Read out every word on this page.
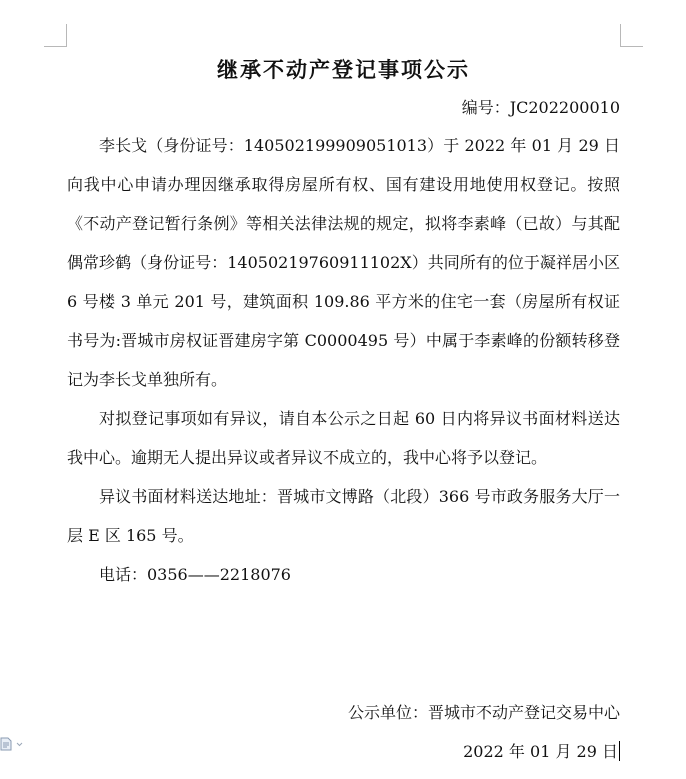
继承不动产登记事项公示
编号：JC202200010

李长戈（身份证号：140502199909051013）于 2022 年 01 月 29 日向我中心申请办理因继承取得房屋所有权、国有建设用地使用权登记。按照《不动产登记暂行条例》等相关法律法规的规定，拟将李素峰（已故）与其配偶常珍鹤（身份证号：14050219760911102X）共同所有的位于凝祥居小区 6 号楼 3 单元 201 号，建筑面积 109.86 平方米的住宅一套（房屋所有权证书号为:晋城市房权证晋建房字第 C0000495 号）中属于李素峰的份额转移登记为李长戈单独所有。

对拟登记事项如有异议，请自本公示之日起 60 日内将异议书面材料送达我中心。逾期无人提出异议或者异议不成立的，我中心将予以登记。

异议书面材料送达地址：晋城市文博路（北段）366 号市政务服务大厅一层 E 区 165 号。

电话：0356——2218076

公示单位：晋城市不动产登记交易中心
2022 年 01 月 29 日
